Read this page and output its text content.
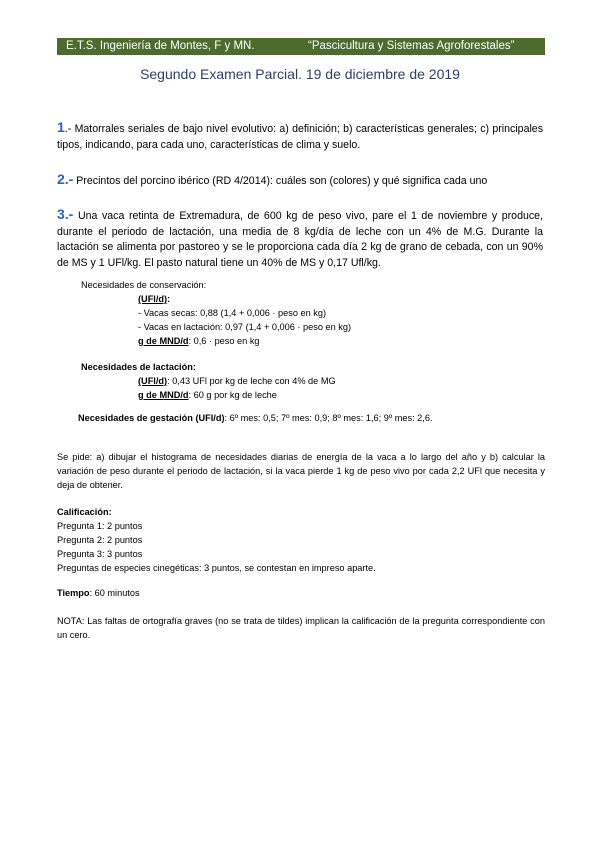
E.T.S. Ingeniería de Montes, F y MN.	“Pascicultura y Sistemas Agroforestales”
Segundo Examen Parcial. 19 de diciembre de 2019
1.- Matorrales seriales de bajo nivel evolutivo: a) definición; b) características generales; c) principales tipos, indicando, para cada uno, características de clima y suelo.
2.- Precintos del porcino ibérico (RD 4/2014): cuáles son (colores) y qué significa cada uno
3.- Una vaca retinta de Extremadura, de 600 kg de peso vivo, pare el 1 de noviembre y produce, durante el periodo de lactación, una media de 8 kg/día de leche con un 4% de M.G. Durante la lactación se alimenta por pastoreo y se le proporciona cada día 2 kg de grano de cebada, con un 90% de MS y 1 UFl/kg. El pasto natural tiene un 40% de MS y 0,17 Ufl/kg.
Necesidades de conservación:
(UFl/d):
- Vacas secas: 0,88 (1,4 + 0,006 · peso en kg)
- Vacas en lactación: 0,97 (1,4 + 0,006 · peso en kg)
g de MND/d: 0,6 · peso en kg
Necesidades de lactación:
(UFl/d): 0,43 UFl por kg de leche con 4% de MG
g de MND/d: 60 g por kg de leche
Necesidades de gestación (UFl/d): 6º mes: 0,5; 7º mes: 0,9; 8º mes: 1,6; 9º mes: 2,6.
Se pide: a) dibujar el histograma de necesidades diarias de energía de la vaca a lo largo del año y b) calcular la variación de peso durante el periodo de lactación, si la vaca pierde 1 kg de peso vivo por cada 2,2 UFl que necesita y deja de obtener.
Calificación:
Pregunta 1: 2 puntos
Pregunta 2: 2 puntos
Pregunta 3: 3 puntos
Preguntas de especies cinegéticas: 3 puntos, se contestan en impreso aparte.
Tiempo: 60 minutos
NOTA: Las faltas de ortografía graves (no se trata de tildes) implican la calificación de la pregunta correspondiente con un cero.
